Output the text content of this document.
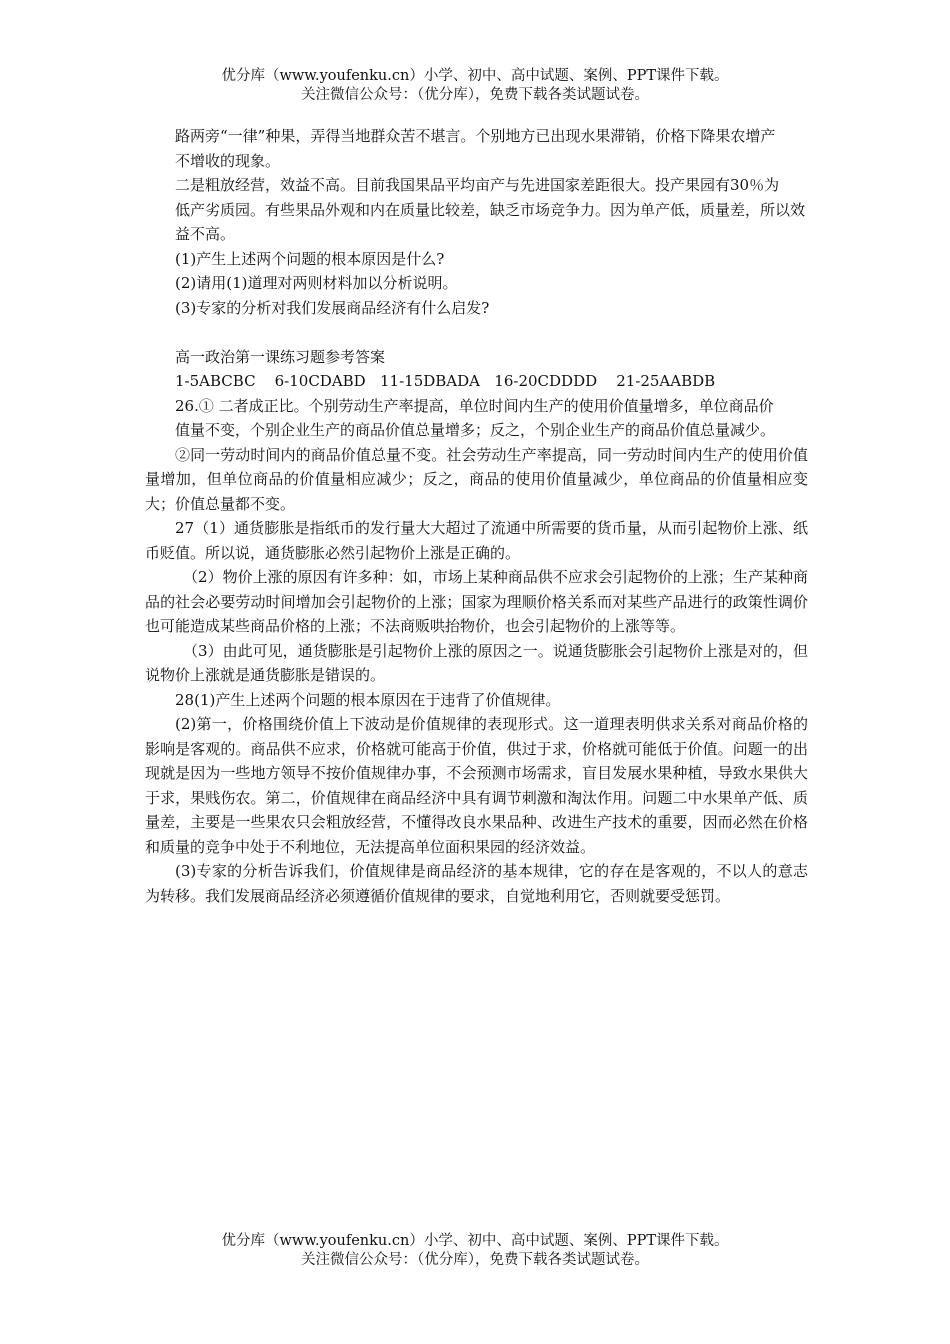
优分库（www.youfenku.cn）小学、初中、高中试题、案例、PPT课件下载。
关注微信公众号：（优分库），免费下载各类试题试卷。

路两旁“一律”种果，弄得当地群众苦不堪言。个别地方已出现水果滞销，价格下降果农增产

不增收的现象。

二是粗放经营，效益不高。目前我国果品平均亩产与先进国家差距很大。投产果园有30％为

低产劣质园。有些果品外观和内在质量比较差，缺乏市场竞争力。因为单产低，质量差，所以效

益不高。

(1)产生上述两个问题的根本原因是什么?

(2)请用(1)道理对两则材料加以分析说明。

(3)专家的分析对我们发展商品经济有什么启发?

高一政治第一课练习题参考答案

1-5ABCBC    6-10CDABD   11-15DBADA   16-20CDDDD    21-25AABDB

26.① 二者成正比。个别劳动生产率提高，单位时间内生产的使用价值量增多，单位商品价

值量不变，个别企业生产的商品价值总量增多；反之，个别企业生产的商品价值总量减少。

②同一劳动时间内的商品价值总量不变。社会劳动生产率提高，同一劳动时间内生产的使用价值量增加，但单位商品的价值量相应减少；反之，商品的使用价值量减少，单位商品的价值量相应变大；价值总量都不变。

27（1）通货膨胀是指纸币的发行量大大超过了流通中所需要的货币量，从而引起物价上涨、纸币贬值。所以说，通货膨胀必然引起物价上涨是正确的。

（2）物价上涨的原因有许多种：如，市场上某种商品供不应求会引起物价的上涨；生产某种商品的社会必要劳动时间增加会引起物价的上涨；国家为理顺价格关系而对某些产品进行的政策性调价也可能造成某些商品价格的上涨；不法商贩哄抬物价，也会引起物价的上涨等等。

（3）由此可见，通货膨胀是引起物价上涨的原因之一。说通货膨胀会引起物价上涨是对的，但说物价上涨就是通货膨胀是错误的。

28(1)产生上述两个问题的根本原因在于违背了价值规律。

(2)第一，价格围绕价值上下波动是价值规律的表现形式。这一道理表明供求关系对商品价格的影响是客观的。商品供不应求，价格就可能高于价值，供过于求，价格就可能低于价值。问题一的出现就是因为一些地方领导不按价值规律办事，不会预测市场需求，盲目发展水果种植，导致水果供大于求，果贱伤农。第二，价值规律在商品经济中具有调节刺激和淘汰作用。问题二中水果单产低、质量差，主要是一些果农只会粗放经营，不懂得改良水果品种、改进生产技术的重要，因而必然在价格和质量的竞争中处于不利地位，无法提高单位面积果园的经济效益。

(3)专家的分析告诉我们，价值规律是商品经济的基本规律，它的存在是客观的，不以人的意志为转移。我们发展商品经济必须遵循价值规律的要求，自觉地利用它，否则就要受惩罚。

优分库（www.youfenku.cn）小学、初中、高中试题、案例、PPT课件下载。
关注微信公众号：（优分库），免费下载各类试题试卷。
